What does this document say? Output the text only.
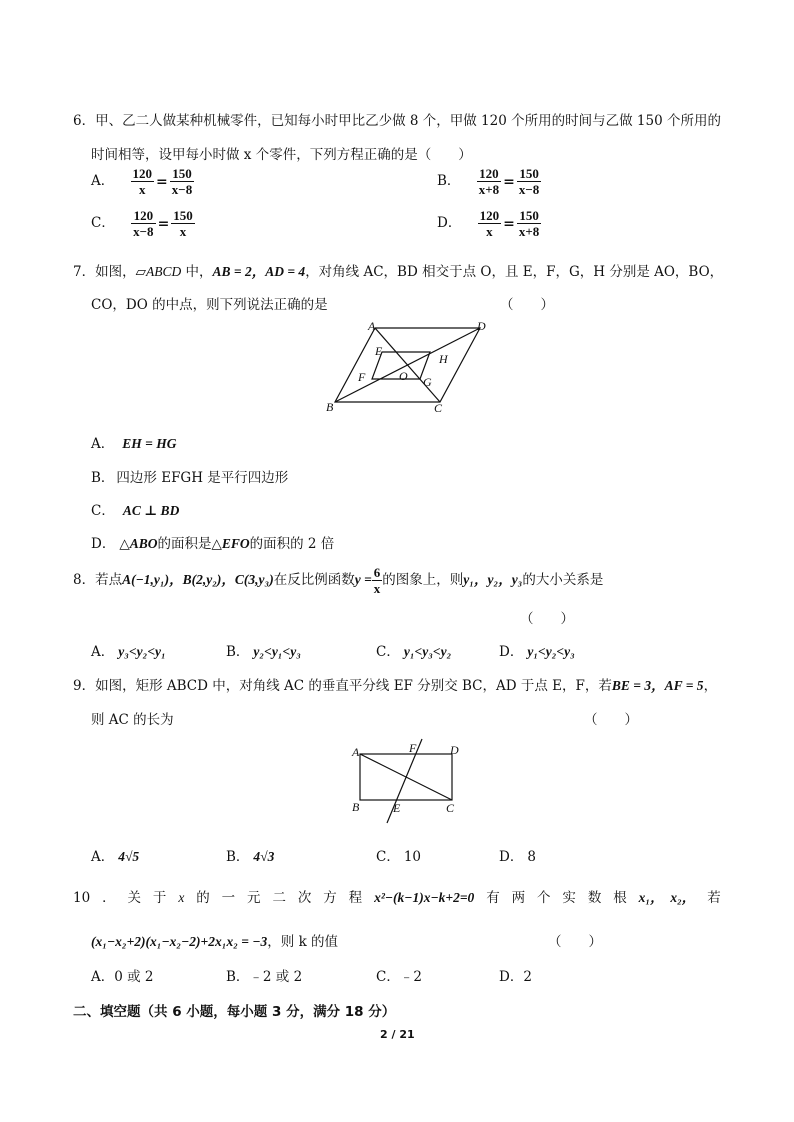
6．甲、乙二人做某种机械零件，已知每小时甲比乙少做 8 个，甲做 120 个所用的时间与乙做 150 个所用的
时间相等，设甲每小时做 x 个零件，下列方程正确的是（　　）
A． $\frac{120}{x} = \frac{150}{x-8}$	B． $\frac{120}{x+8} = \frac{150}{x-8}$
C． $\frac{120}{x-8} = \frac{150}{x}$	D． $\frac{120}{x} = \frac{150}{x+8}$
7．如图，▱ABCD 中，AB = 2，AD = 4，对角线 AC，BD 相交于点 O，且 E，F，G，H 分别是 AO，BO，
CO，DO 的中点，则下列说法正确的是	（　　）
A	D
B	C
E
H
F	O G
A． EH = HG
B． 四边形 EFGH 是平行四边形
C． AC ⊥ BD
D． △ABO的面积是△EFO的面积的 2 倍
8．若点A(−1,y₁)，B(2,y₂)，C(3,y₃)在反比例函数$y = \frac{6}{x}$ 的图象上，则y₁，y₂，y₃的大小关系是
（　　）
A． y₃<y₂<y₁	B． y₂<y₁<y₃	C． y₁<y₃<y₂	D． y₁<y₂<y₃
9．如图，矩形 ABCD 中，对角线 AC 的垂直平分线 EF 分别交 BC，AD 于点 E，F，若BE = 3，AF = 5，
则 AC 的长为	（　　）
A	D
B	C
F
E
A． 4√5	B． 4√3	C． 10	D． 8
10 ． 关 于 x 的 一 元 二 次 方 程 x²−(k−1)x−k+2=0 有 两 个 实 数 根 x₁，　x₂， 若
(x₁−x₂+2)(x₁−x₂−2)+2x₁x₂ = −3，则 k 的值	（　　）
A．0 或 2	B．﹣2 或 2	C．﹣2	D．2
二、填空题（共 6 小题，每小题 3 分，满分 18 分）
2 / 21
